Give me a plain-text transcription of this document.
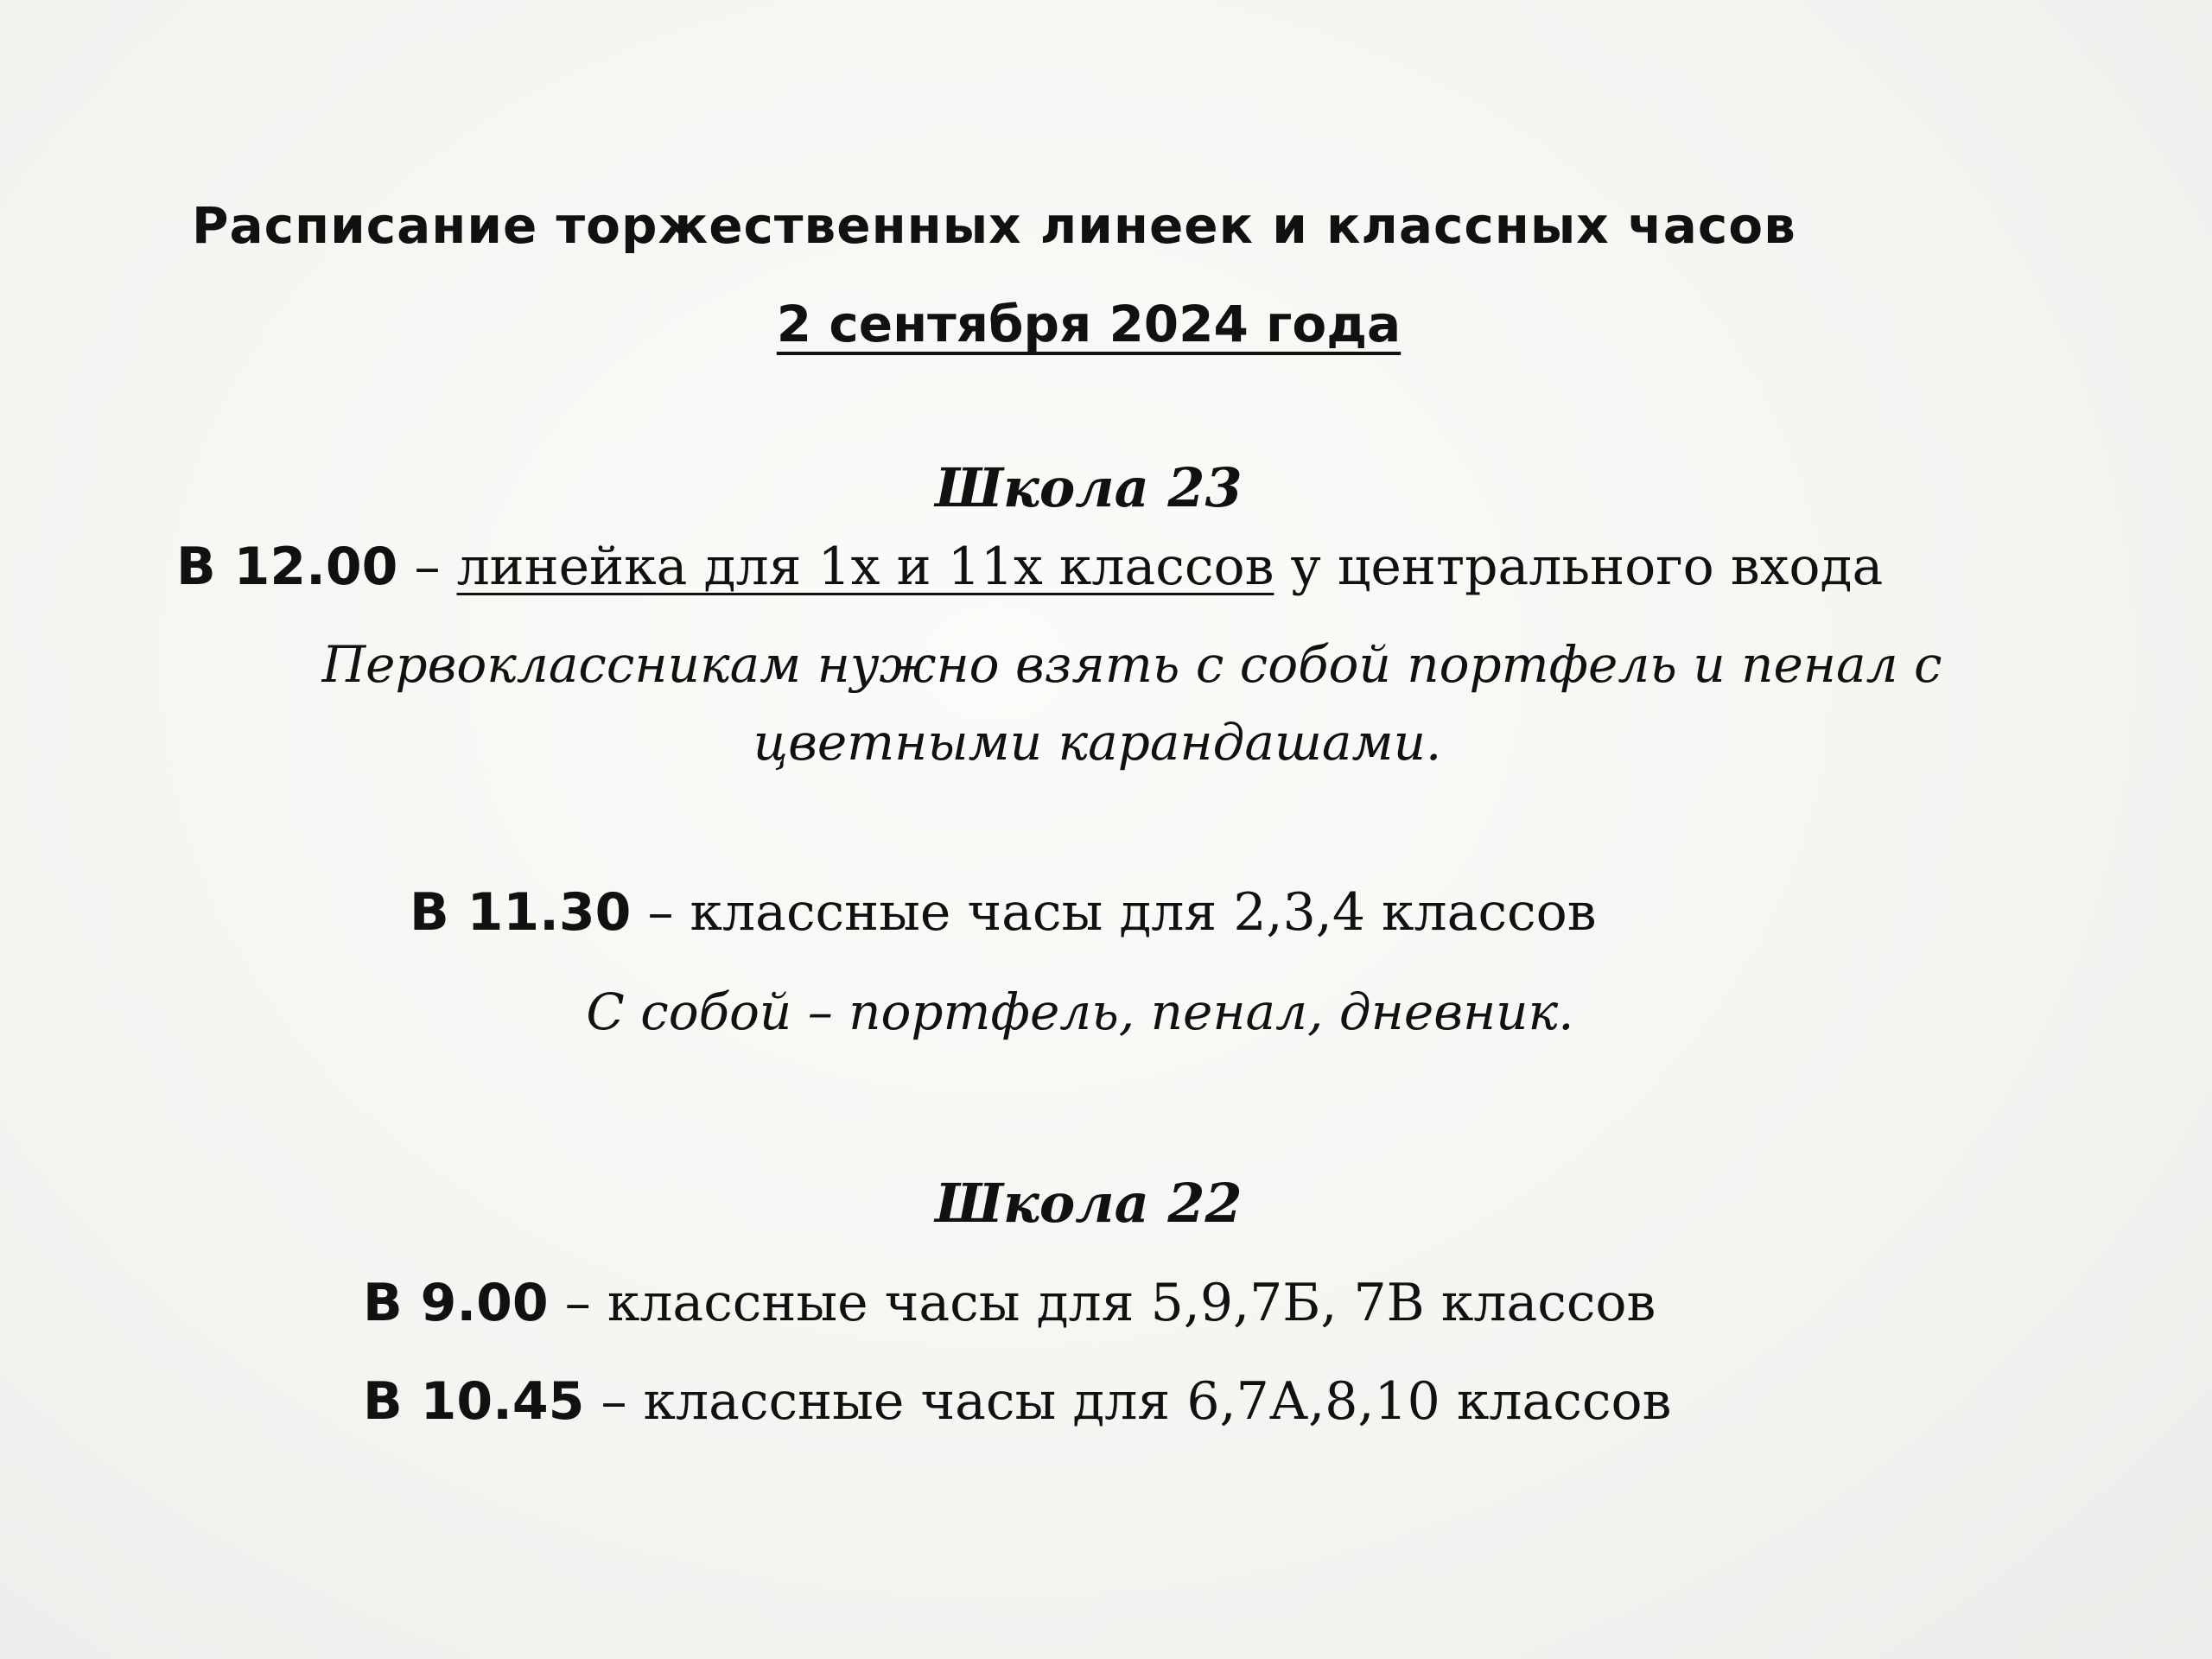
Расписание торжественных линеек и классных часов
2 сентября 2024 года
Школа 23
В 12.00 – линейка для 1х и 11х классов у центрального входа
Первоклассникам нужно взять с собой портфель и пенал с
цветными карандашами.
В 11.30 – классные часы для 2,3,4 классов
С собой – портфель, пенал, дневник.
Школа 22
В 9.00 – классные часы для 5,9,7Б, 7В классов
В 10.45 – классные часы для 6,7А,8,10 классов
